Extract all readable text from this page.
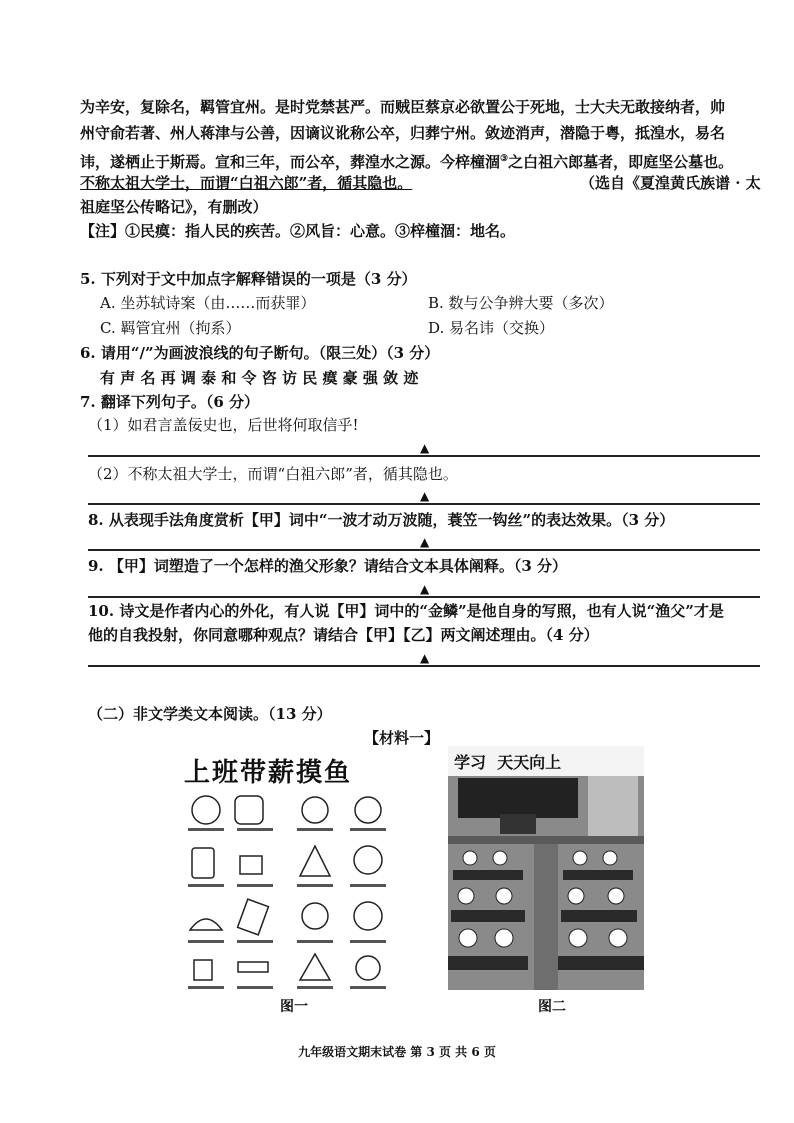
为辛安，复除名，羁管宜州。是时党禁甚严。而贼臣蔡京必欲置公于死地，士大夫无敢接纳者，帅
州守俞若著、州人蒋津与公善，因谪议讹称公卒，归葬宁州。敛迹消声，潜隐于粤，抵湟水，易名
讳，遂栖止于斯焉。宣和三年，而公卒，葬湟水之源。今梓橦涸③之白祖六郎墓者，即庭坚公墓也。
不称太祖大学士，而谓“白祖六郎”者，循其隐也。	（选自《夏湟黄氏族谱 · 太
祖庭坚公传略记》，有删改）
【注】①民瘼：指人民的疾苦。②风旨：心意。③梓橦涸：地名。
5. 下列对于文中加点字解释错误的一项是（3 分）
A. 坐苏轼诗案（由……而获罪）	B. 数与公争辨大要（多次）
C. 羁管宜州（拘系）	D. 易名讳（交换）
6. 请用“/”为画波浪线的句子断句。（限三处）（3 分）
有 声 名 再 调 泰 和 令 咨 访 民 瘼 豪 强 敛 迹
7. 翻译下列句子。（6 分）
（1）如君言盖佞史也，后世将何取信乎!
▲
（2）不称太祖大学士，而谓“白祖六郎”者，循其隐也。
▲
8. 从表现手法角度赏析【甲】词中“一波才动万波随，蓑笠一钩丝”的表达效果。（3 分）
▲
9. 【甲】词塑造了一个怎样的渔父形象？请结合文本具体阐释。（3 分）
▲
10. 诗文是作者内心的外化，有人说【甲】词中的“金鳞”是他自身的写照，也有人说“渔父”才是
他的自我投射，你同意哪种观点？请结合【甲】【乙】两文阐述理由。（4 分）
▲
（二）非文学类文本阅读。（13 分）
【材料一】
上班带薪摸鱼
图一
学习  天天向上
图二
九年级语文期末试卷 第 3 页 共 6 页
